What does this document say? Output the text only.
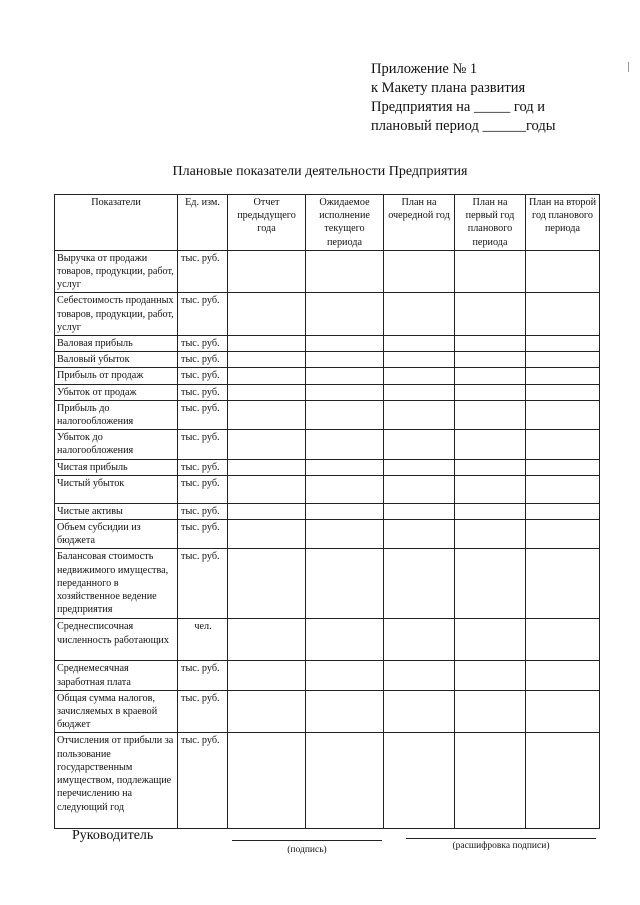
Приложение № 1
к Макету плана развития
Предприятия на _____ год и
плановый период ______годы
Плановые показатели деятельности Предприятия
Показатели	Ед. изм.	Отчет предыдущего года	Ожидаемое исполнение текущего периода	План на очередной год	План на первый год планового периода	План на второй год планового периода
Выручка от продажи товаров, продукции, работ, услуг	тыс. руб.					
Себестоимость проданных товаров, продукции, работ, услуг	тыс. руб.					
Валовая прибыль	тыс. руб.					
Валовый убыток	тыс. руб.					
Прибыль от продаж	тыс. руб.					
Убыток от продаж	тыс. руб.					
Прибыль до налогообложения	тыс. руб.					
Убыток до налогообложения	тыс. руб.					
Чистая прибыль	тыс. руб.					
Чистый убыток	тыс. руб.					
Чистые активы	тыс. руб.					
Объем субсидии из бюджета	тыс. руб.					
Балансовая стоимость недвижимого имущества, переданного в хозяйственное ведение предприятия	тыс. руб.					
Среднесписочная численность работающих	чел.					
Среднемесячная заработная плата	тыс. руб.					
Общая сумма налогов, зачисляемых в краевой бюджет	тыс. руб.					
Отчисления от прибыли за пользование государственным имуществом, подлежащие перечислению на следующий год	тыс. руб.					
Руководитель
(подпись)	(расшифровка подписи)
